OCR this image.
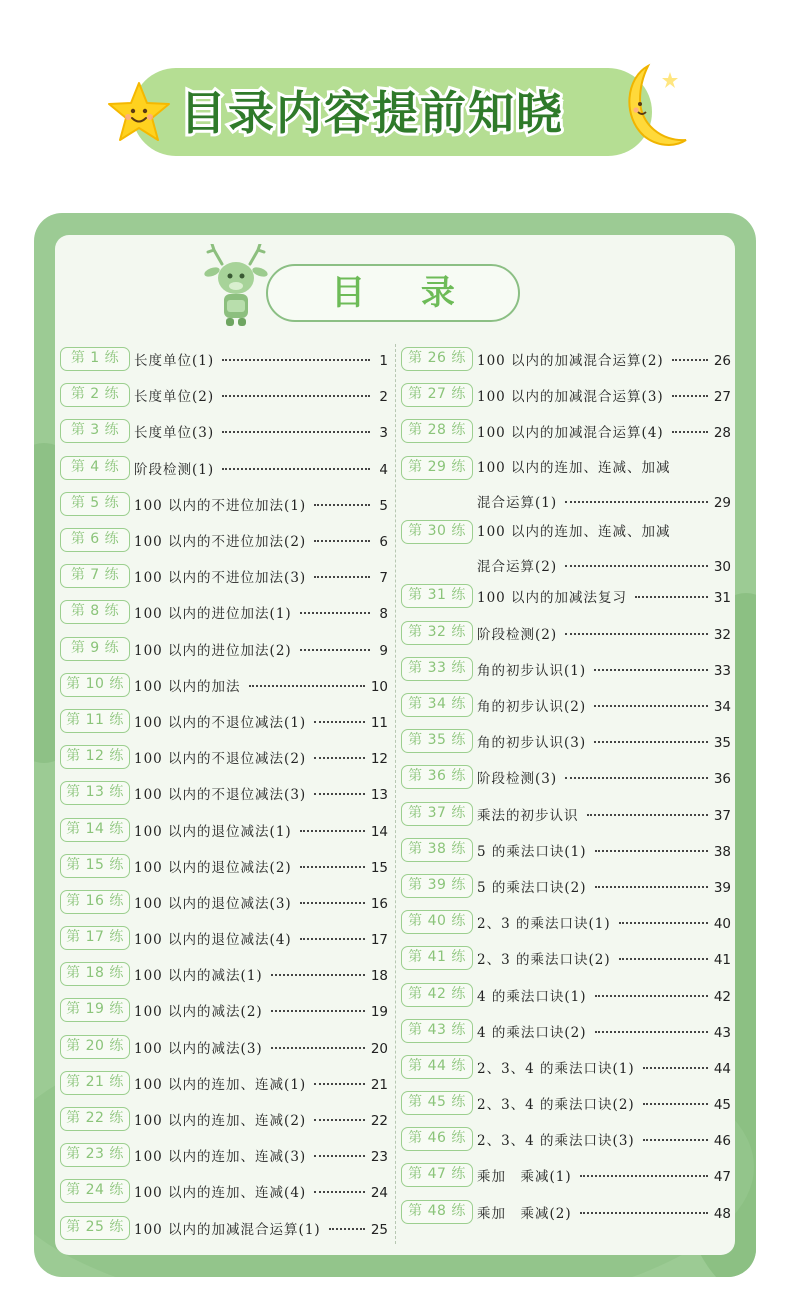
目录内容提前知晓
目 录
第 1 练	长度单位(1)	1
第 2 练	长度单位(2)	2
第 3 练	长度单位(3)	3
第 4 练	阶段检测(1)	4
第 5 练	100 以内的不进位加法(1)	5
第 6 练	100 以内的不进位加法(2)	6
第 7 练	100 以内的不进位加法(3)	7
第 8 练	100 以内的进位加法(1)	8
第 9 练	100 以内的进位加法(2)	9
第 10 练 100 以内的加法	10
第 11 练 100 以内的不退位减法(1)	11
第 12 练 100 以内的不退位减法(2)	12
第 13 练 100 以内的不退位减法(3)	13
第 14 练 100 以内的退位减法(1)	14
第 15 练 100 以内的退位减法(2)	15
第 16 练 100 以内的退位减法(3)	16
第 17 练 100 以内的退位减法(4)	17
第 18 练 100 以内的减法(1)	18
第 19 练 100 以内的减法(2)	19
第 20 练 100 以内的减法(3)	20
第 21 练 100 以内的连加、连减(1)	21
第 22 练 100 以内的连加、连减(2)	22
第 23 练 100 以内的连加、连减(3)	23
第 24 练 100 以内的连加、连减(4)	24
第 25 练 100 以内的加减混合运算(1)	25
第 26 练 100 以内的加减混合运算(2)	26
第 27 练 100 以内的加减混合运算(3)	27
第 28 练 100 以内的加减混合运算(4)	28
第 29 练 100 以内的连加、连减、加减
混合运算(1)	29
第 30 练 100 以内的连加、连减、加减
混合运算(2)	30
第 31 练 100 以内的加减法复习	31
第 32 练 阶段检测(2)	32
第 33 练 角的初步认识(1)	33
第 34 练 角的初步认识(2)	34
第 35 练 角的初步认识(3)	35
第 36 练 阶段检测(3)	36
第 37 练 乘法的初步认识	37
第 38 练 5 的乘法口诀(1)	38
第 39 练 5 的乘法口诀(2)	39
第 40 练 2、3 的乘法口诀(1)	40
第 41 练 2、3 的乘法口诀(2)	41
第 42 练 4 的乘法口诀(1)	42
第 43 练 4 的乘法口诀(2)	43
第 44 练 2、3、4 的乘法口诀(1)	44
第 45 练 2、3、4 的乘法口诀(2)	45
第 46 练 2、3、4 的乘法口诀(3)	46
第 47 练 乘加　乘减(1)	47
第 48 练 乘加　乘减(2)	48
